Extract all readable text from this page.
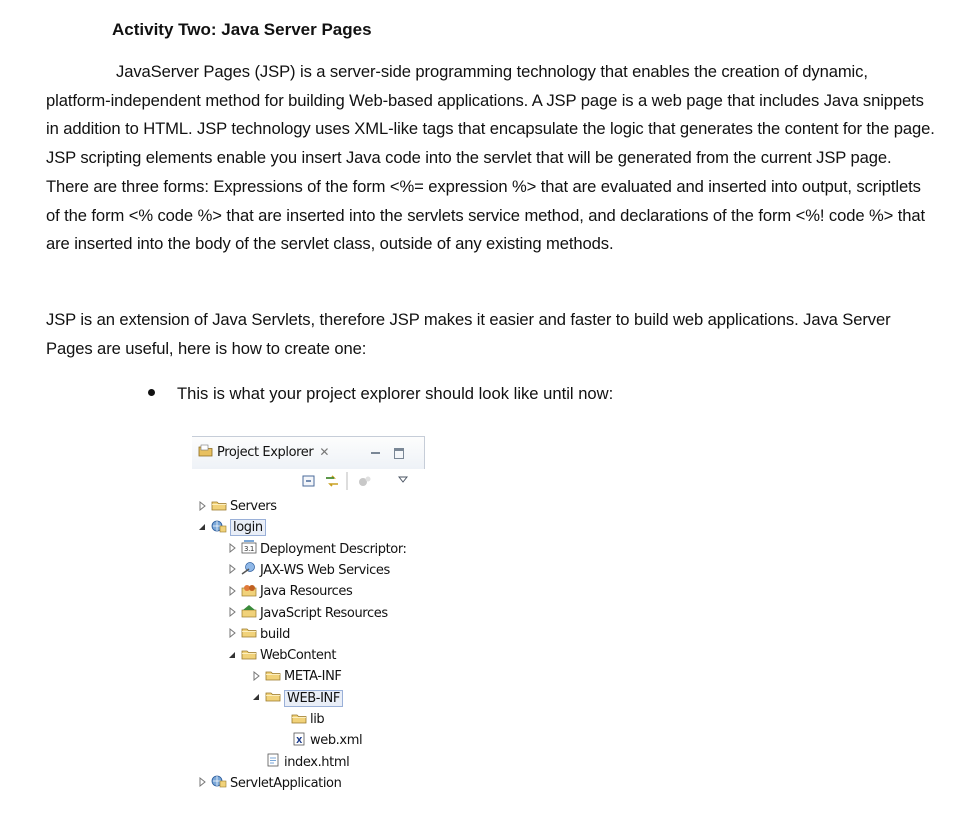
Activity Two: Java Server Pages
JavaServer Pages (JSP) is a server-side programming technology that enables the creation of dynamic, platform-independent method for building Web-based applications. A JSP page is a web page that includes Java snippets in addition to HTML. JSP technology uses XML-like tags that encapsulate the logic that generates the content for the page. JSP scripting elements enable you insert Java code into the servlet that will be generated from the current JSP page. There are three forms: Expressions of the form <%= expression %> that are evaluated and inserted into output, scriptlets of the form <% code %> that are inserted into the servlets service method, and declarations of the form <%! code %> that are inserted into the body of the servlet class, outside of any existing methods.
JSP is an extension of Java Servlets, therefore JSP makes it easier and faster to build web applications. Java Server Pages are useful, here is how to create one:
This is what your project explorer should look like until now:
Project Explorer ✕
Servers
login
3.1 Deployment Descriptor:
JAX-WS Web Services
Java Resources
JavaScript Resources
build
WebContent
META-INF
WEB-INF
lib
X web.xml
index.html
ServletApplication
